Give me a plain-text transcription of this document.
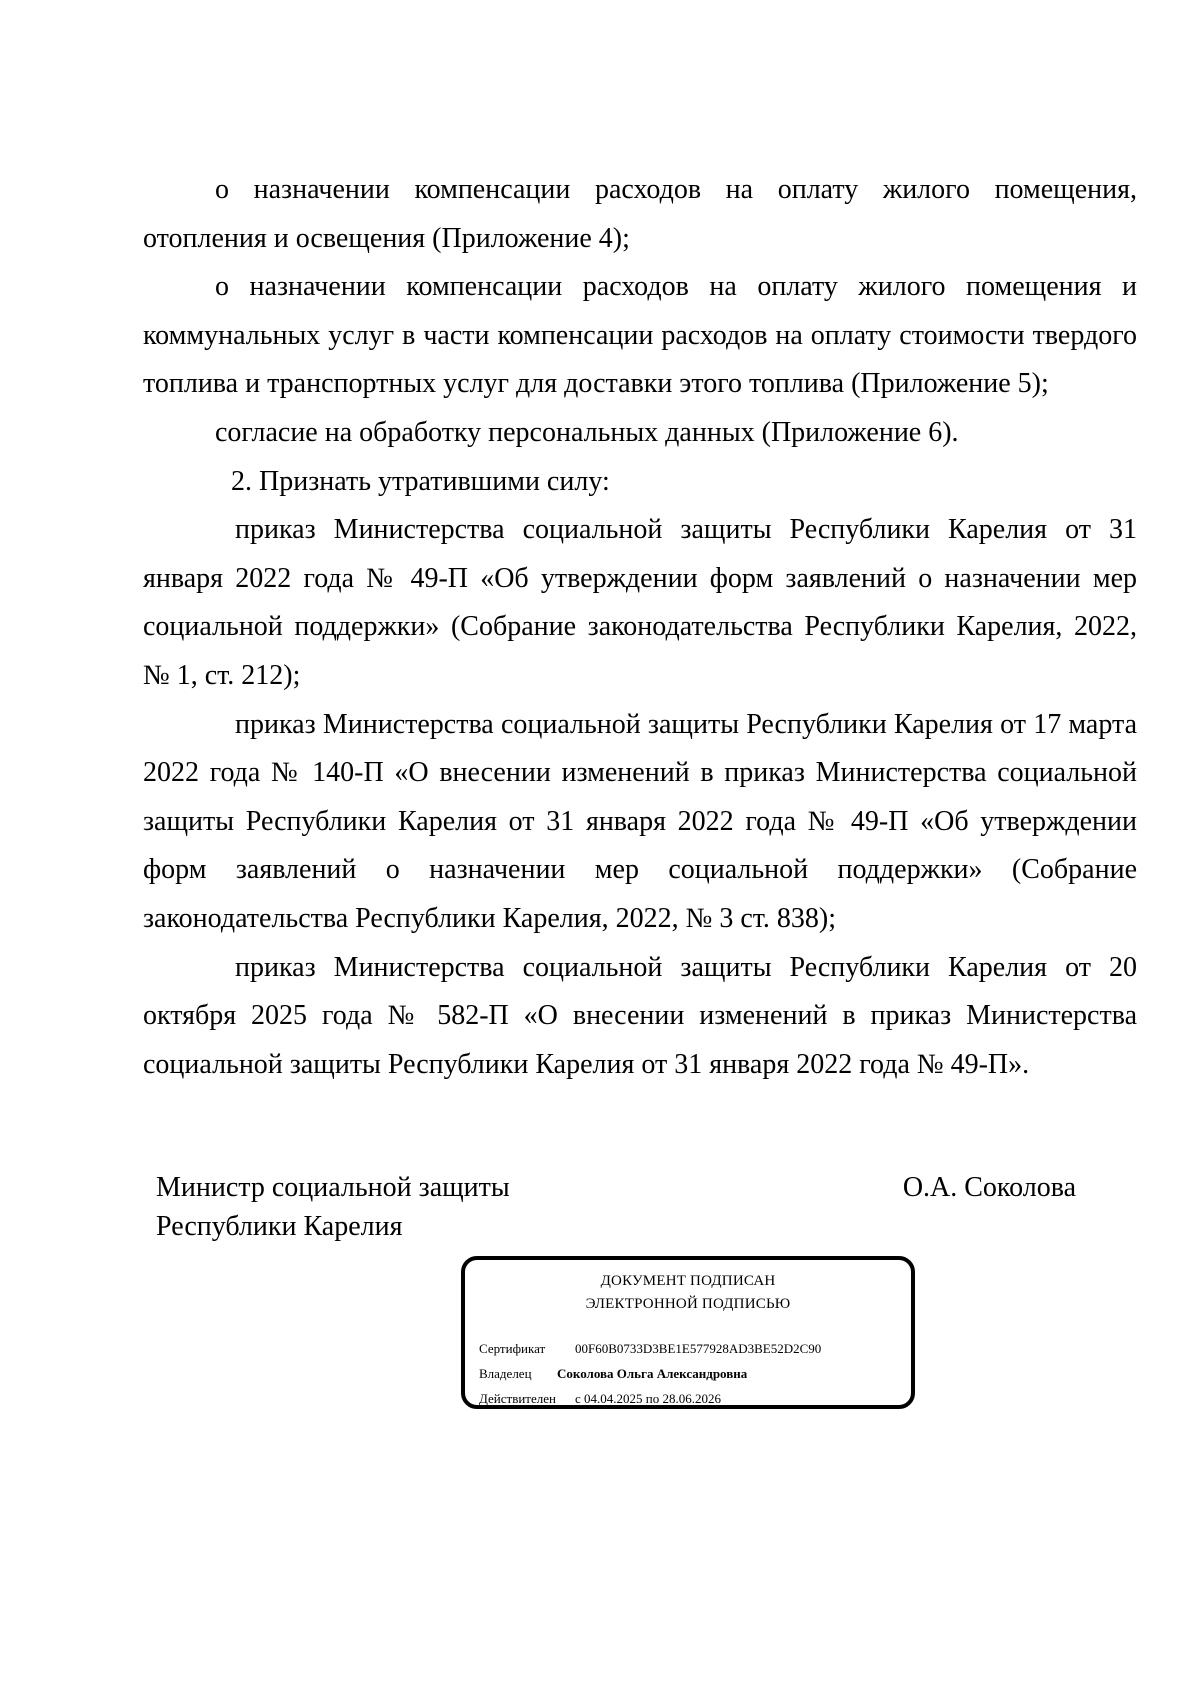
о назначении компенсации расходов на оплату жилого помещения, отопления и освещения (Приложение 4);

о назначении компенсации расходов на оплату жилого помещения и коммунальных услуг в части компенсации расходов на оплату стоимости твердого топлива и транспортных услуг для доставки этого топлива (Приложение 5);

согласие на обработку персональных данных (Приложение 6).

2. Признать утратившими силу:

приказ Министерства социальной защиты Республики Карелия от 31 января 2022 года № 49-П «Об утверждении форм заявлений о назначении мер социальной поддержки» (Собрание законодательства Республики Карелия, 2022, № 1, ст. 212);

приказ Министерства социальной защиты Республики Карелия от 17 марта 2022 года № 140-П «О внесении изменений в приказ Министерства социальной защиты Республики Карелия от 31 января 2022 года № 49-П «Об утверждении форм заявлений о назначении мер социальной поддержки» (Собрание законодательства Республики Карелия, 2022, № 3 ст. 838);

приказ Министерства социальной защиты Республики Карелия от 20 октября 2025 года № 582-П «О внесении изменений в приказ Министерства социальной защиты Республики Карелия от 31 января 2022 года № 49-П».

Министр социальной защиты
Республики Карелия
О.А. Соколова
ДОКУМЕНТ ПОДПИСАН
ЭЛЕКТРОННОЙ ПОДПИСЬЮ
Сертификат 00F60B0733D3BE1E577928AD3BE52D2C90
Владелец Соколова Ольга Александровна
Действителен с 04.04.2025 по 28.06.2026
